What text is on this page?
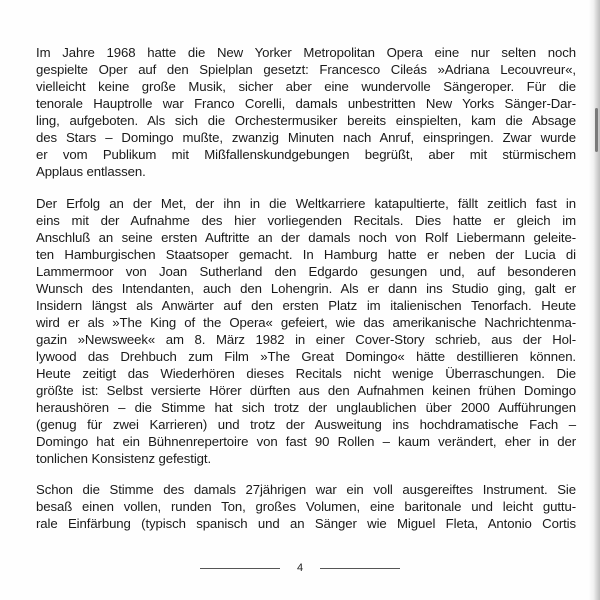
Im Jahre 1968 hatte die New Yorker Metropolitan Opera eine nur selten noch
gespielte Oper auf den Spielplan gesetzt: Francesco Cileás »Adriana Lecouvreur«,
vielleicht keine große Musik, sicher aber eine wundervolle Sängeroper. Für die
tenorale Hauptrolle war Franco Corelli, damals unbestritten New Yorks Sänger-Dar-
ling, aufgeboten. Als sich die Orchestermusiker bereits einspielten, kam die Absage
des Stars – Domingo mußte, zwanzig Minuten nach Anruf, einspringen. Zwar wurde
er vom Publikum mit Mißfallenskundgebungen begrüßt, aber mit stürmischem
Applaus entlassen.

Der Erfolg an der Met, der ihn in die Weltkarriere katapultierte, fällt zeitlich fast in
eins mit der Aufnahme des hier vorliegenden Recitals. Dies hatte er gleich im
Anschluß an seine ersten Auftritte an der damals noch von Rolf Liebermann geleite-
ten Hamburgischen Staatsoper gemacht. In Hamburg hatte er neben der Lucia di
Lammermoor von Joan Sutherland den Edgardo gesungen und, auf besonderen
Wunsch des Intendanten, auch den Lohengrin. Als er dann ins Studio ging, galt er
Insidern längst als Anwärter auf den ersten Platz im italienischen Tenorfach. Heute
wird er als »The King of the Opera« gefeiert, wie das amerikanische Nachrichtenma-
gazin »Newsweek« am 8. März 1982 in einer Cover-Story schrieb, aus der Hol-
lywood das Drehbuch zum Film »The Great Domingo« hätte destillieren können.
Heute zeitigt das Wiederhören dieses Recitals nicht wenige Überraschungen. Die
größte ist: Selbst versierte Hörer dürften aus den Aufnahmen keinen frühen Domingo
heraushören – die Stimme hat sich trotz der unglaublichen über 2000 Aufführungen
(genug für zwei Karrieren) und trotz der Ausweitung ins hochdramatische Fach –
Domingo hat ein Bühnenrepertoire von fast 90 Rollen – kaum verändert, eher in der
tonlichen Konsistenz gefestigt.

Schon die Stimme des damals 27jährigen war ein voll ausgereiftes Instrument. Sie
besaß einen vollen, runden Ton, großes Volumen, eine baritonale und leicht guttu-
rale Einfärbung (typisch spanisch und an Sänger wie Miguel Fleta, Antonio Cortis

4
